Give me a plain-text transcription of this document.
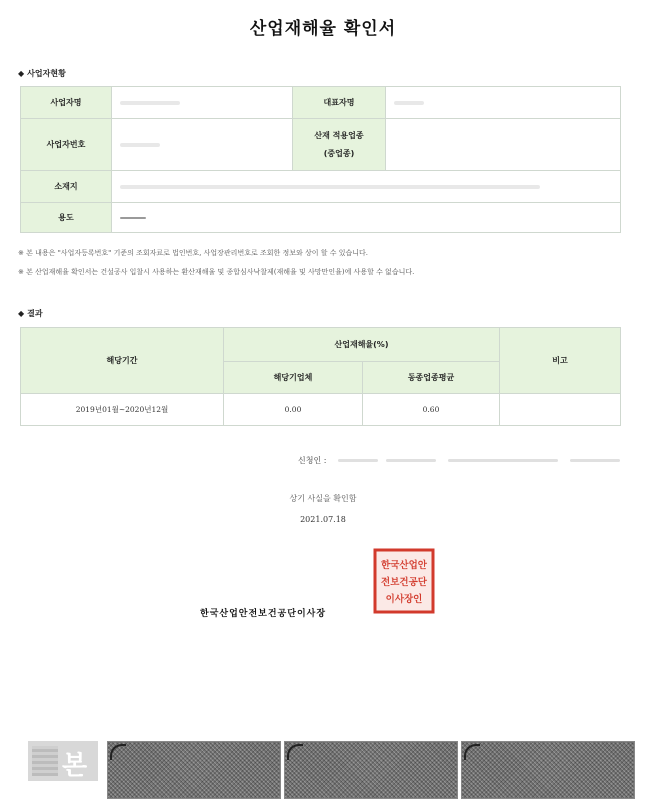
산업재해율 확인서
◆ 사업자현황
사업자명		대표자명	
사업자번호		산재 적용업종
(중업종)	

소재지			
용도			
※ 본 내용은 "사업자등록번호" 기준의 조회자료로 법인번호, 사업장관리번호로 조회한 정보와 상이 할 수 있습니다.
※ 본 산업재해율 확인서는 건설공사 입찰시 사용하는 환산재해율 및 종합심사낙찰제(재해율 및 사망만인율)에 사용할 수 없습니다.
◆ 결과
해당기간	산업재해율(%)		비고
	해당기업체	동종업종평균	
2019년01월~2020년12월	0.00	0.60	
신청인 :
상기 사실을 확인함
2021.07.18
한국산업안전보건공단이사장
한국산업안
전보건공단
이사장인
본
